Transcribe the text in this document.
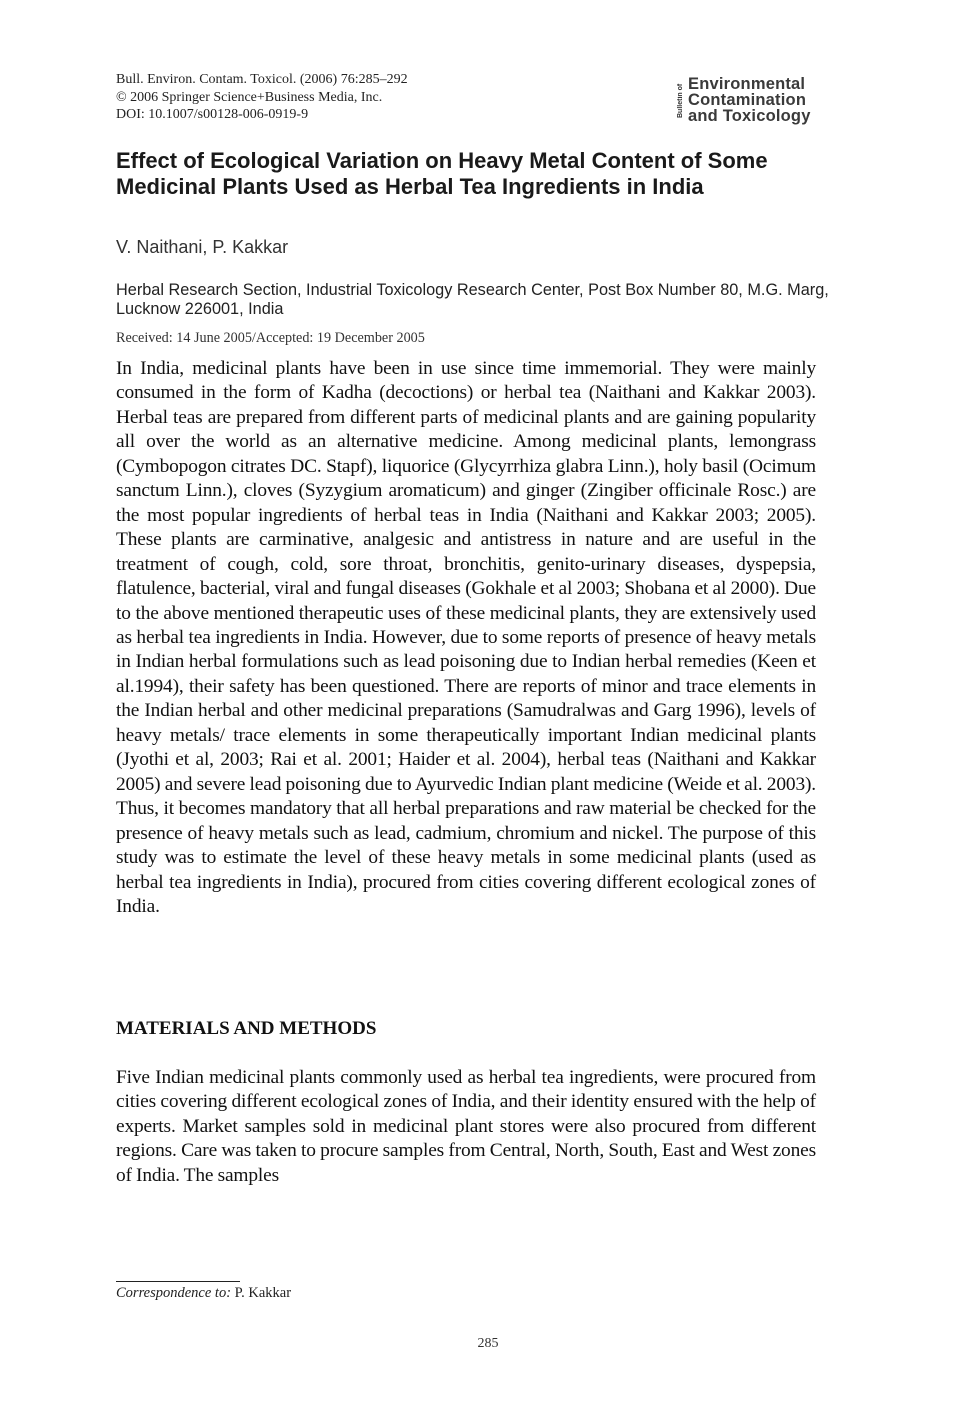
Bull. Environ. Contam. Toxicol. (2006) 76:285–292
© 2006 Springer Science+Business Media, Inc.
DOI: 10.1007/s00128-006-0919-9	Bulletin of Environmental
Contamination
and Toxicology
Effect of Ecological Variation on Heavy Metal Content of Some Medicinal Plants Used as Herbal Tea Ingredients in India
V. Naithani, P. Kakkar
Herbal Research Section, Industrial Toxicology Research Center, Post Box Number 80, M.G. Marg, Lucknow 226001, India
Received: 14 June 2005/Accepted: 19 December 2005

In India, medicinal plants have been in use since time immemorial. They were mainly consumed in the form of Kadha (decoctions) or herbal tea (Naithani and Kakkar 2003). Herbal teas are prepared from different parts of medicinal plants and are gaining popularity all over the world as an alternative medicine. Among medicinal plants, lemongrass (Cymbopogon citrates DC. Stapf), liquorice (Glycyrrhiza glabra Linn.), holy basil (Ocimum sanctum Linn.), cloves (Syzygium aromaticum) and ginger (Zingiber officinale Rosc.) are the most popular ingredients of herbal teas in India (Naithani and Kakkar 2003; 2005). These plants are carminative, analgesic and antistress in nature and are useful in the treatment of cough, cold, sore throat, bronchitis, genito-urinary diseases, dyspepsia, flatulence, bacterial, viral and fungal diseases (Gokhale et al 2003; Shobana et al 2000). Due to the above mentioned therapeutic uses of these medicinal plants, they are extensively used as herbal tea ingredients in India. However, due to some reports of presence of heavy metals in Indian herbal formulations such as lead poisoning due to Indian herbal remedies (Keen et al.1994), their safety has been questioned. There are reports of minor and trace elements in the Indian herbal and other medicinal preparations (Samudralwas and Garg 1996), levels of heavy metals/ trace elements in some therapeutically important Indian medicinal plants (Jyothi et al, 2003; Rai et al. 2001; Haider et al. 2004), herbal teas (Naithani and Kakkar 2005) and severe lead poisoning due to Ayurvedic Indian plant medicine (Weide et al. 2003). Thus, it becomes mandatory that all herbal preparations and raw material be checked for the presence of heavy metals such as lead, cadmium, chromium and nickel. The purpose of this study was to estimate the level of these heavy metals in some medicinal plants (used as herbal tea ingredients in India), procured from cities covering different ecological zones of India.

MATERIALS AND METHODS

Five Indian medicinal plants commonly used as herbal tea ingredients, were procured from cities covering different ecological zones of India, and their identity ensured with the help of experts. Market samples sold in medicinal plant stores were also procured from different regions. Care was taken to procure samples from Central, North, South, East and West zones of India. The samples

Correspondence to: P. Kakkar
285
